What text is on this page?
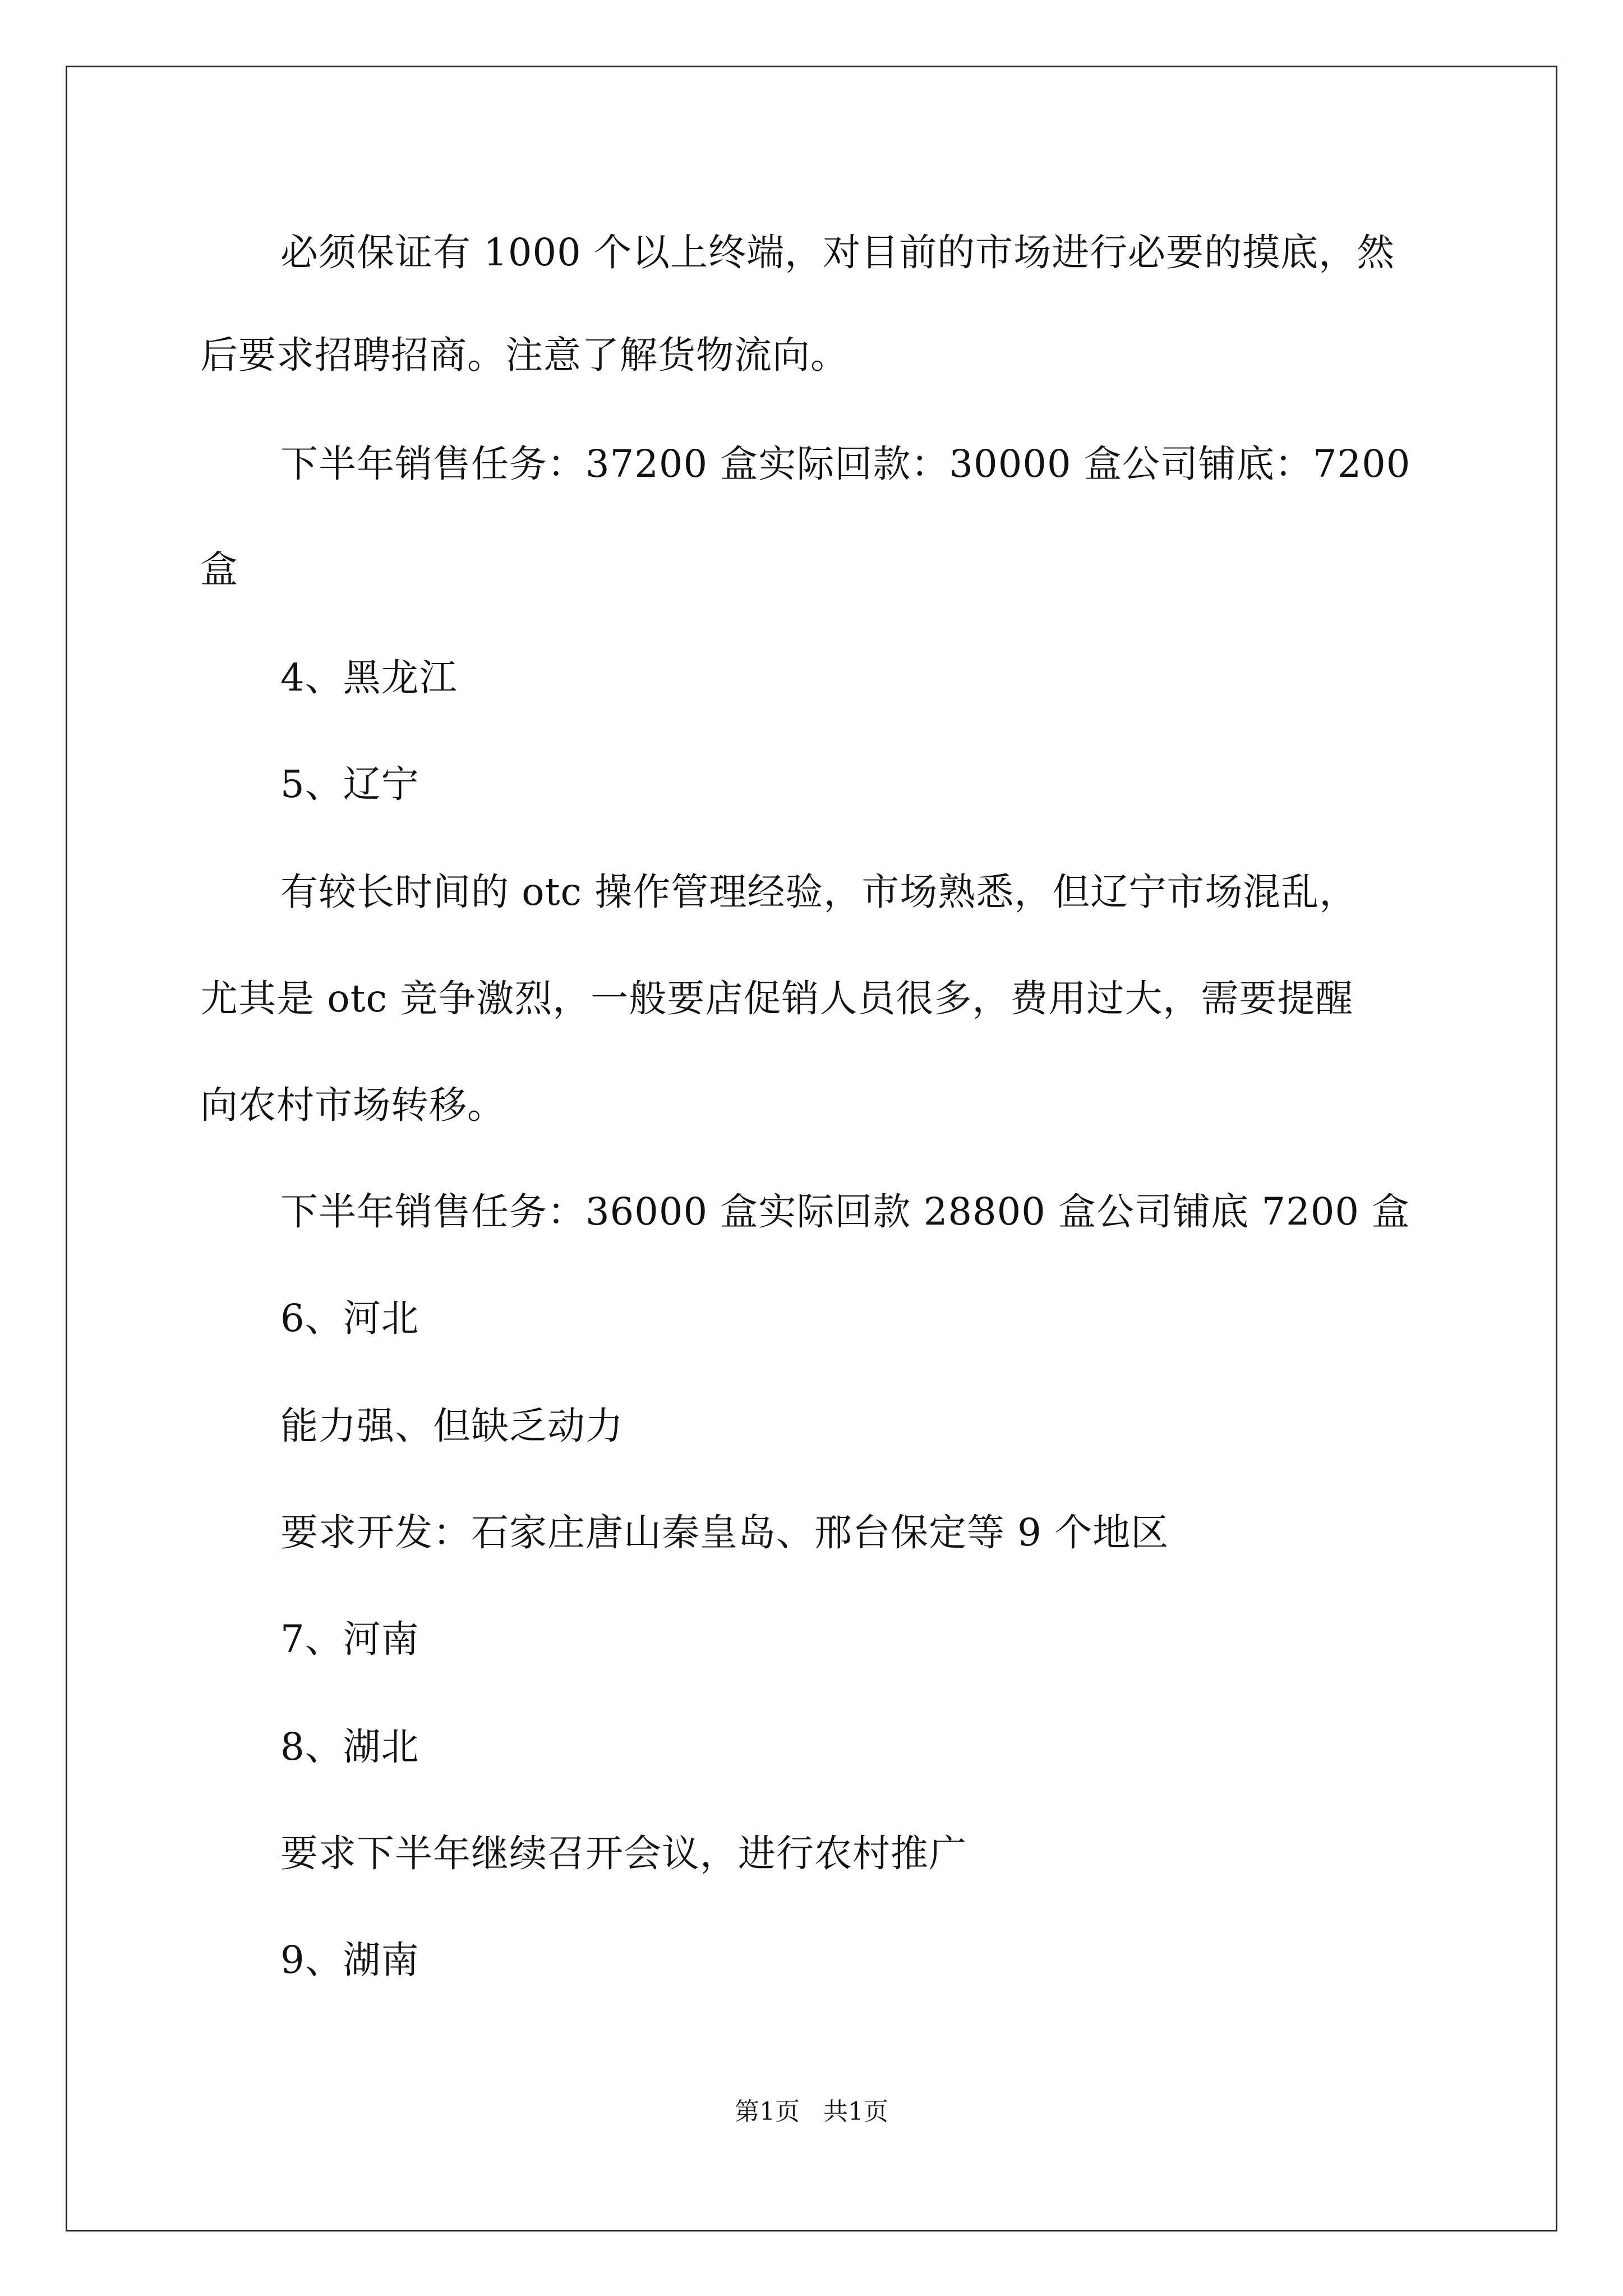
必须保证有 1000 个以上终端，对目前的市场进行必要的摸底，然
后要求招聘招商。注意了解货物流向。
下半年销售任务：37200 盒实际回款：30000 盒公司铺底：7200
盒
4、黑龙江
5、辽宁
有较长时间的 otc 操作管理经验，市场熟悉，但辽宁市场混乱，
尤其是 otc 竞争激烈，一般要店促销人员很多，费用过大，需要提醒
向农村市场转移。
下半年销售任务：36000 盒实际回款 28800 盒公司铺底 7200 盒
6、河北
能力强、但缺乏动力
要求开发：石家庄唐山秦皇岛、邢台保定等 9 个地区
7、河南
8、湖北
要求下半年继续召开会议，进行农村推广
9、湖南
第1页   共1页
